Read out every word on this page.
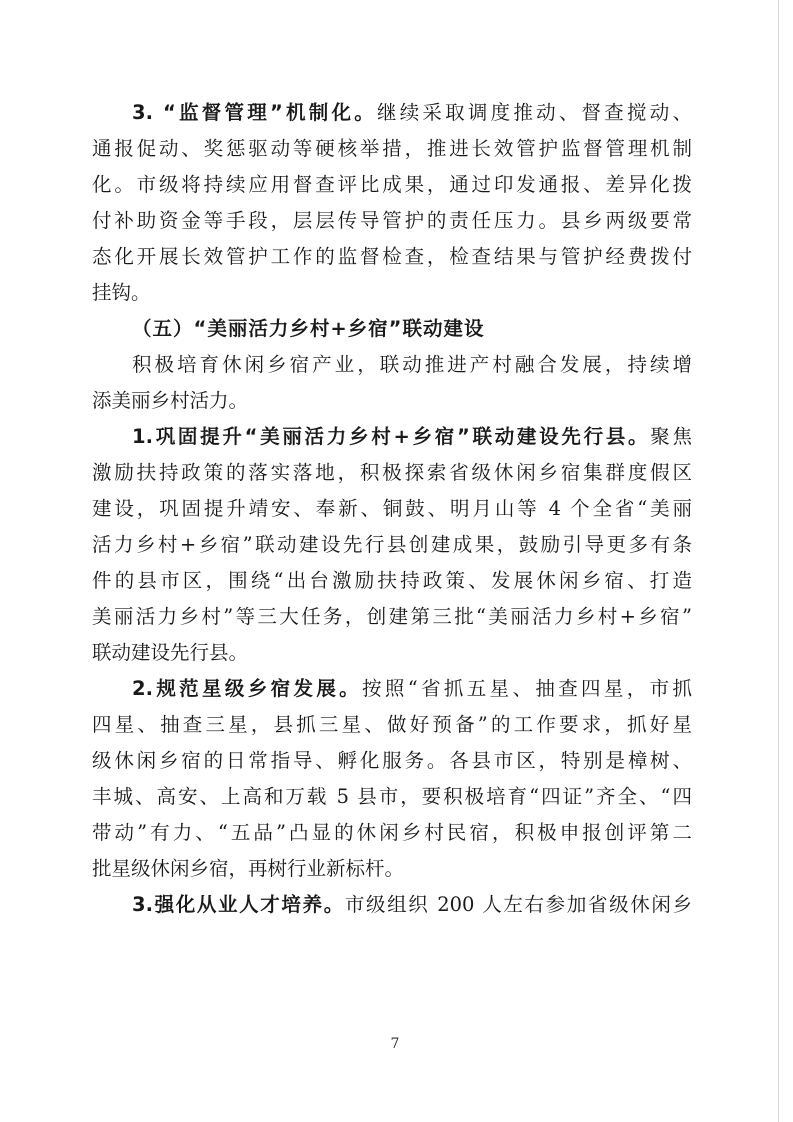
3. “监督管理”机制化。继续采取调度推动、督查搅动、
通报促动、奖惩驱动等硬核举措，推进长效管护监督管理机制
化。市级将持续应用督查评比成果，通过印发通报、差异化拨
付补助资金等手段，层层传导管护的责任压力。县乡两级要常
态化开展长效管护工作的监督检查，检查结果与管护经费拨付
挂钩。
（五）“美丽活力乡村+乡宿”联动建设
积极培育休闲乡宿产业，联动推进产村融合发展，持续增
添美丽乡村活力。
1.巩固提升“美丽活力乡村+乡宿”联动建设先行县。聚焦
激励扶持政策的落实落地，积极探索省级休闲乡宿集群度假区
建设，巩固提升靖安、奉新、铜鼓、明月山等 4 个全省“美丽
活力乡村+乡宿”联动建设先行县创建成果，鼓励引导更多有条
件的县市区，围绕“出台激励扶持政策、发展休闲乡宿、打造
美丽活力乡村”等三大任务，创建第三批“美丽活力乡村+乡宿”
联动建设先行县。
2.规范星级乡宿发展。按照“省抓五星、抽查四星，市抓
四星、抽查三星，县抓三星、做好预备”的工作要求，抓好星
级休闲乡宿的日常指导、孵化服务。各县市区，特别是樟树、
丰城、高安、上高和万载 5 县市，要积极培育“四证”齐全、“四
带动”有力、“五品”凸显的休闲乡村民宿，积极申报创评第二
批星级休闲乡宿，再树行业新标杆。
3.强化从业人才培养。市级组织 200 人左右参加省级休闲乡
7
